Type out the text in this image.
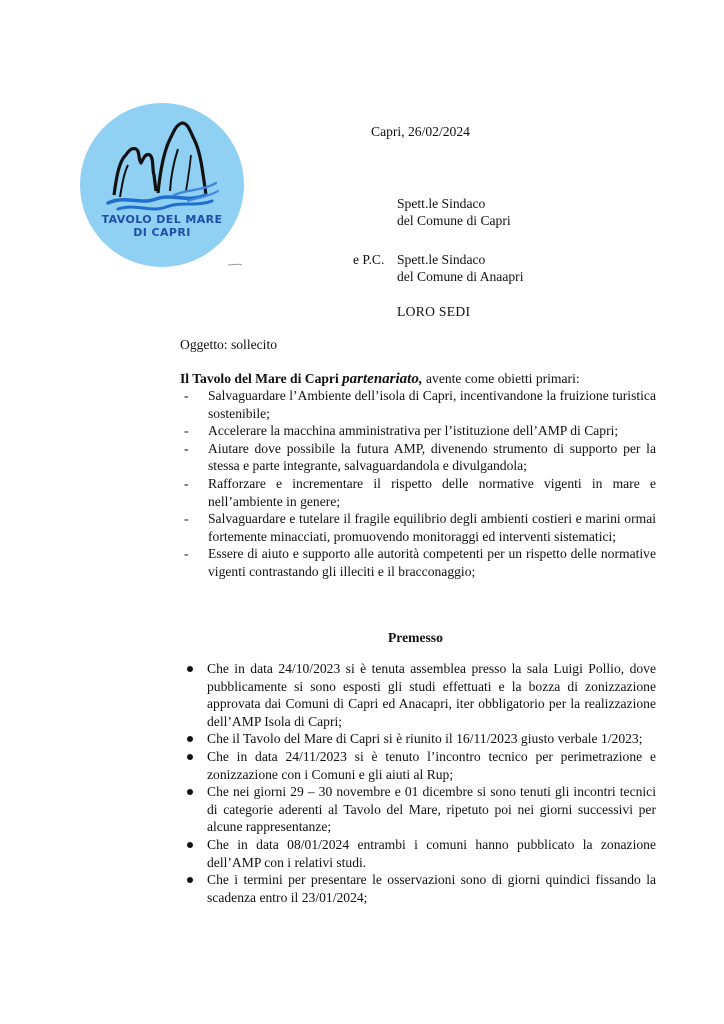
TAVOLO DEL MARE
DI CAPRI
Capri, 26/02/2024
Spett.le Sindaco
del Comune di Capri
e P.C. Spett.le Sindaco
del Comune di Anaapri
LORO SEDI
Oggetto: sollecito
Il Tavolo del Mare di Capri partenariato, avente come obietti primari:
- Salvaguardare l’Ambiente dell’isola di Capri, incentivandone la fruizione turistica sostenibile;
- Accelerare la macchina amministrativa per l’istituzione dell’AMP di Capri;
- Aiutare dove possibile la futura AMP, divenendo strumento di supporto per la stessa e parte integrante, salvaguardandola e divulgandola;
- Rafforzare e incrementare il rispetto delle normative vigenti in mare e nell’ambiente in genere;
- Salvaguardare e tutelare il fragile equilibrio degli ambienti costieri e marini ormai fortemente minacciati, promuovendo monitoraggi ed interventi sistematici;
- Essere di aiuto e supporto alle autorità competenti per un rispetto delle normative vigenti contrastando gli illeciti e il bracconaggio;
Premesso
Che in data 24/10/2023 si è tenuta assemblea presso la sala Luigi Pollio, dove pubblicamente si sono esposti gli studi effettuati e la bozza di zonizzazione approvata dai Comuni di Capri ed Anacapri, iter obbligatorio per la realizzazione dell’AMP Isola di Capri;
Che il Tavolo del Mare di Capri si è riunito il 16/11/2023 giusto verbale 1/2023;
Che in data 24/11/2023 si è tenuto l’incontro tecnico per perimetrazione e zonizzazione con i Comuni e gli aiuti al Rup;
Che nei giorni 29 – 30 novembre e 01 dicembre si sono tenuti gli incontri tecnici di categorie aderenti al Tavolo del Mare, ripetuto poi nei giorni successivi per alcune rappresentanze;
Che in data 08/01/2024 entrambi i comuni hanno pubblicato la zonazione dell’AMP con i relativi studi.
Che i termini per presentare le osservazioni sono di giorni quindici fissando la scadenza entro il 23/01/2024;
